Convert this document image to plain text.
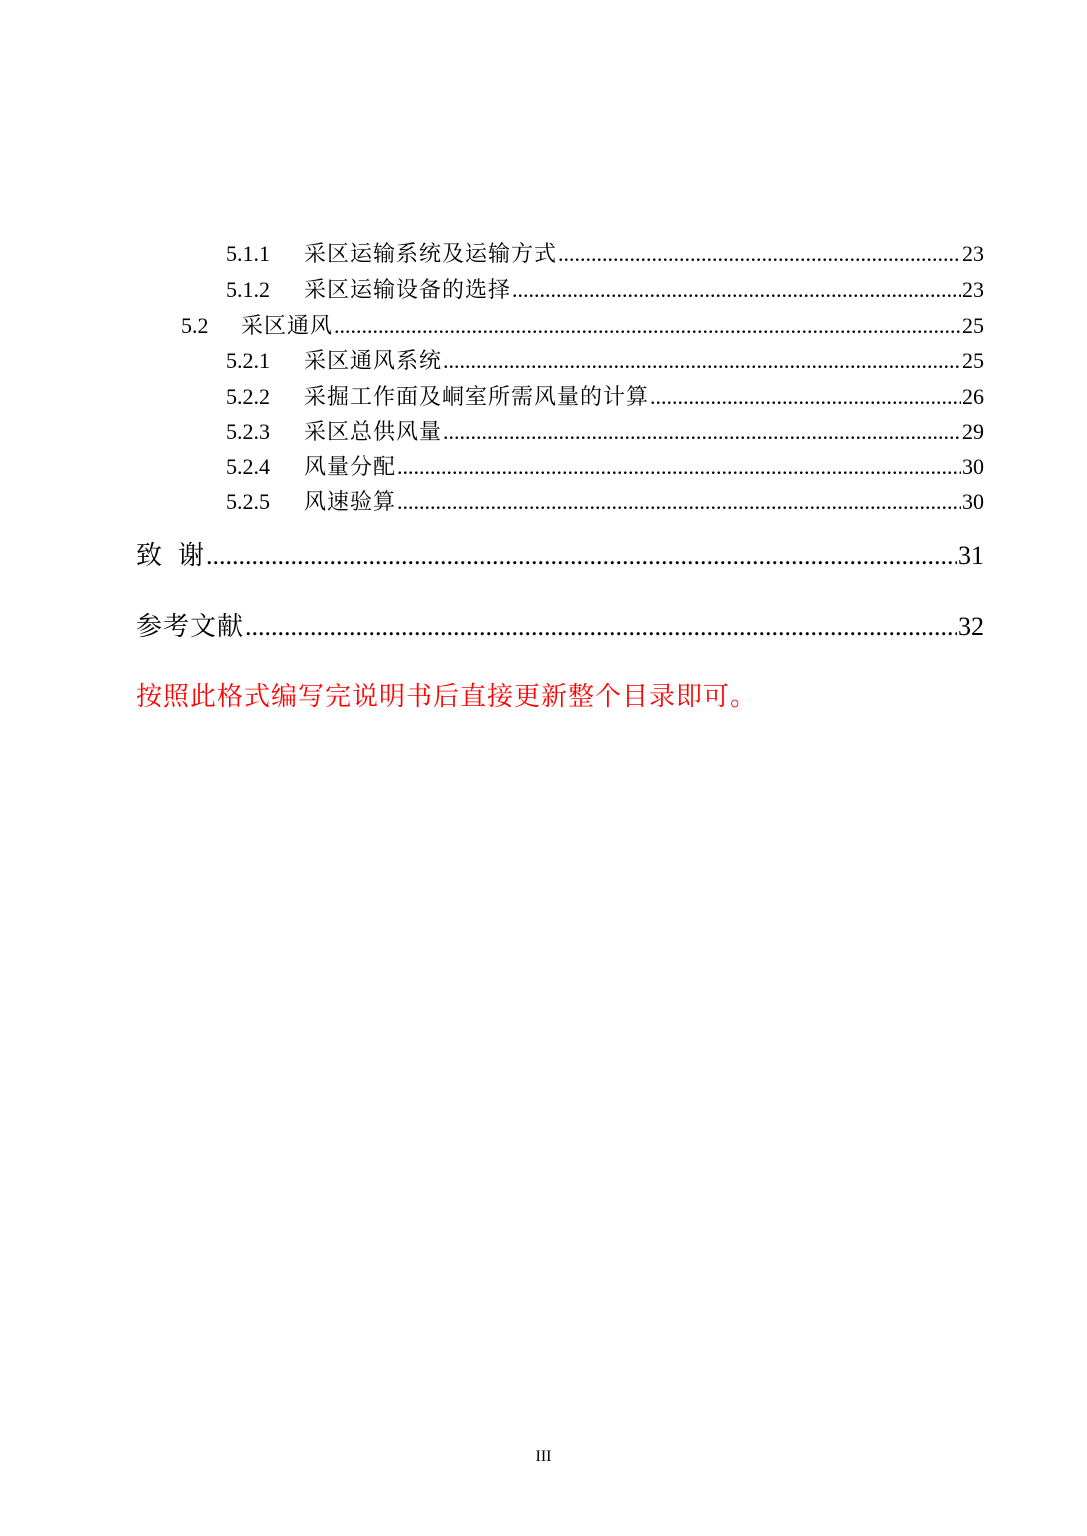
5.1.1	采区运输系统及运输方式 .....	23
5.1.2	采区运输设备的选择 .....	23
5.2	采区通风 .....	25
5.2.1	采区通风系统 .....	25
5.2.2	采掘工作面及峒室所需风量的计算 .....	26
5.2.3	采区总供风量 .....	29
5.2.4	风量分配 .....	30
5.2.5	风速验算 .....	30
致  谢 .....	31
参考文献 .....	32
按照此格式编写完说明书后直接更新整个目录即可。
III
